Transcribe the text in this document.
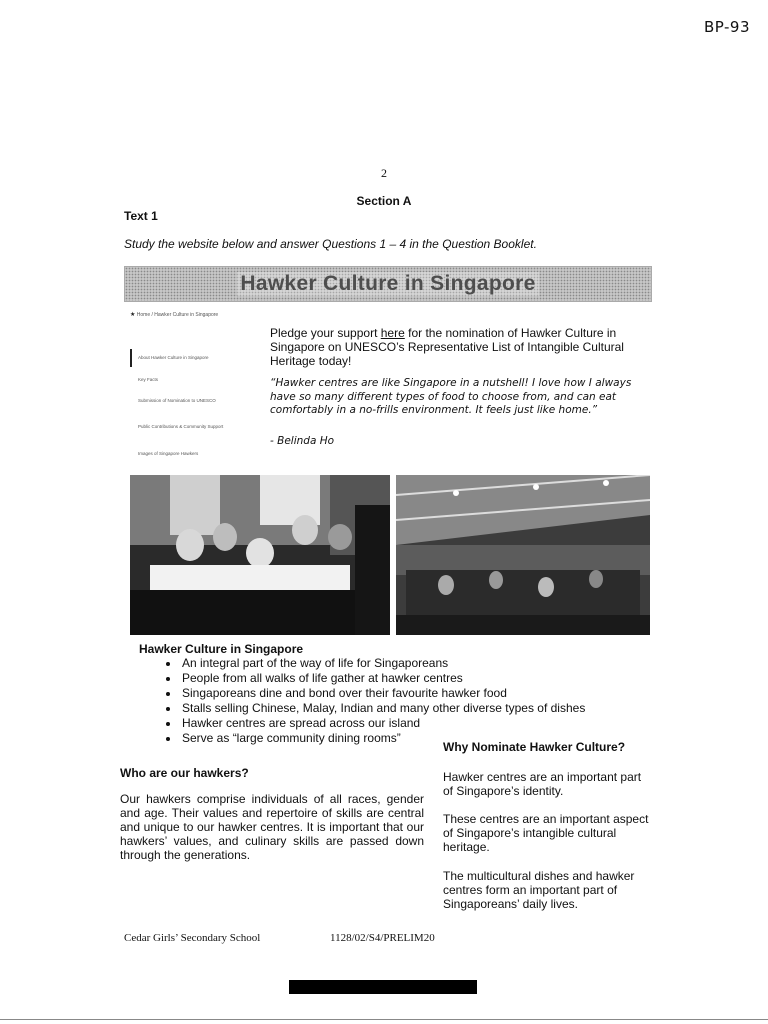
BP-93
2
Section A
Text 1
Study the website below and answer Questions 1 – 4 in the Question Booklet.
Hawker Culture in Singapore
★ Home / Hawker Culture in Singapore
About Hawker Culture in Singapore
Key Facts
Submission of Nomination to UNESCO
Public Contributions & Community Support
Images of Singapore Hawkers
Pledge your support here for the nomination of Hawker Culture in Singapore on UNESCO’s Representative List of Intangible Cultural Heritage today!
“Hawker centres are like Singapore in a nutshell! I love how I always have so many different types of food to choose from, and can eat comfortably in a no-frills environment. It feels just like home.”
- Belinda Ho
Hawker Culture in Singapore
• An integral part of the way of life for Singaporeans
• People from all walks of life gather at hawker centres
• Singaporeans dine and bond over their favourite hawker food
• Stalls selling Chinese, Malay, Indian and many other diverse types of dishes
• Hawker centres are spread across our island
• Serve as “large community dining rooms”
Why Nominate Hawker Culture?
Who are our hawkers?
Our hawkers comprise individuals of all races, gender and age. Their values and repertoire of skills are central and unique to our hawker centres. It is important that our hawkers’ values, and culinary skills are passed down through the generations.
Hawker centres are an important part of Singapore’s identity.
These centres are an important aspect of Singapore’s intangible cultural heritage.
The multicultural dishes and hawker centres form an important part of Singaporeans’ daily lives.
Cedar Girls’ Secondary School	1128/02/S4/PRELIM20
